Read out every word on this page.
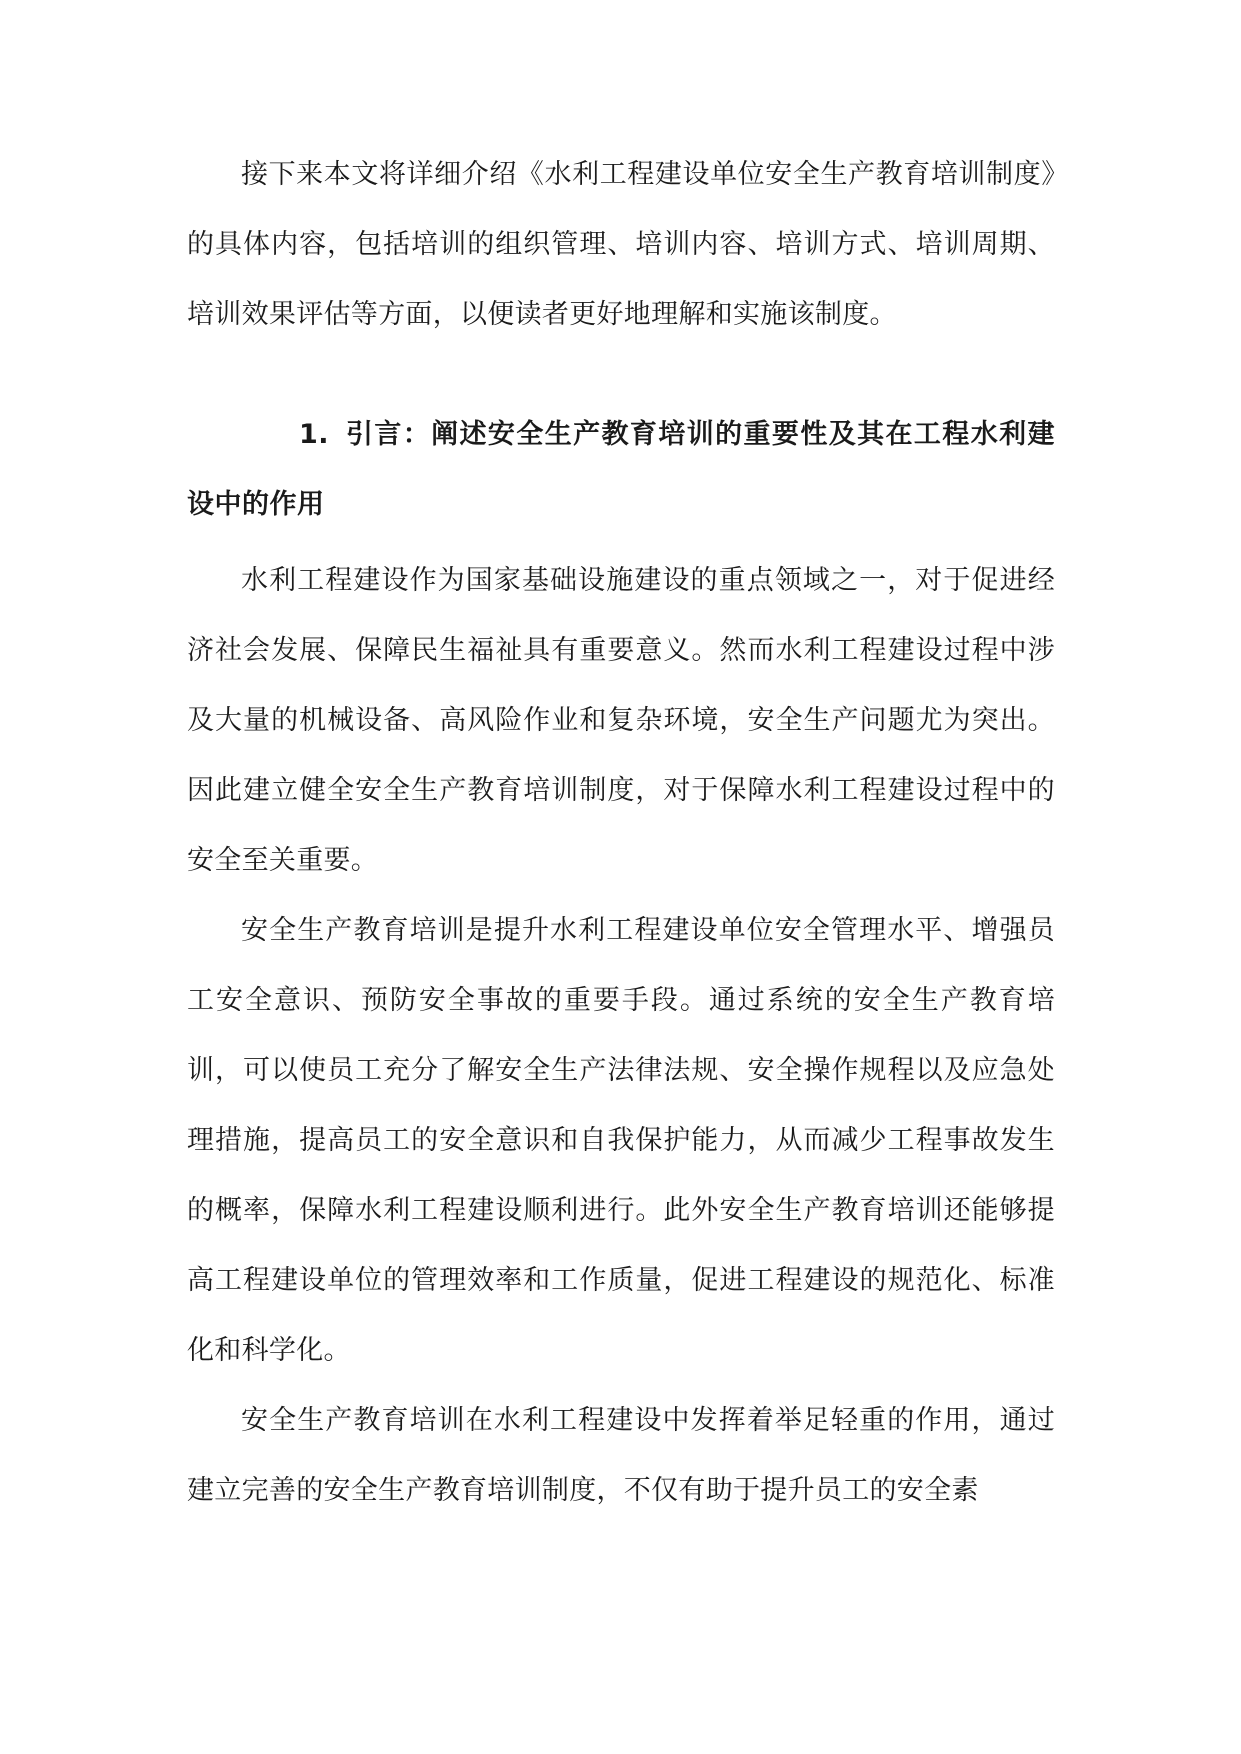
接下来本文将详细介绍《水利工程建设单位安全生产教育培训制度》的具体内容，包括培训的组织管理、培训内容、培训方式、培训周期、培训效果评估等方面，以便读者更好地理解和实施该制度。

1. 引言：阐述安全生产教育培训的重要性及其在工程水利建设中的作用

水利工程建设作为国家基础设施建设的重点领域之一，对于促进经济社会发展、保障民生福祉具有重要意义。然而水利工程建设过程中涉及大量的机械设备、高风险作业和复杂环境，安全生产问题尤为突出。因此建立健全安全生产教育培训制度，对于保障水利工程建设过程中的安全至关重要。

安全生产教育培训是提升水利工程建设单位安全管理水平、增强员工安全意识、预防安全事故的重要手段。通过系统的安全生产教育培训，可以使员工充分了解安全生产法律法规、安全操作规程以及应急处理措施，提高员工的安全意识和自我保护能力，从而减少工程事故发生的概率，保障水利工程建设顺利进行。此外安全生产教育培训还能够提高工程建设单位的管理效率和工作质量，促进工程建设的规范化、标准化和科学化。

安全生产教育培训在水利工程建设中发挥着举足轻重的作用，通过建立完善的安全生产教育培训制度，不仅有助于提升员工的安全素
